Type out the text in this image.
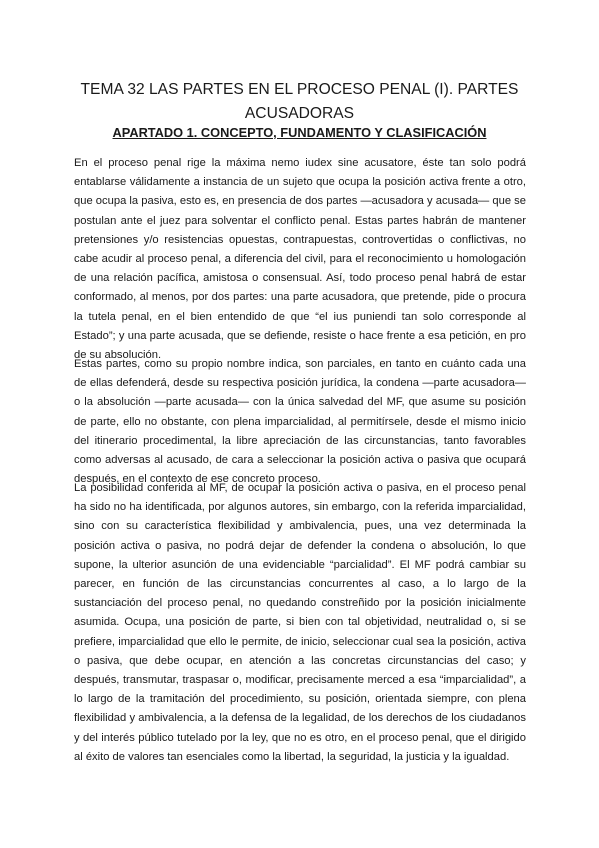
TEMA 32 LAS PARTES EN EL PROCESO PENAL (I). PARTES ACUSADORAS
APARTADO 1. CONCEPTO, FUNDAMENTO Y CLASIFICACIÓN

En el proceso penal rige la máxima nemo iudex sine acusatore, éste tan solo podrá entablarse válidamente a instancia de un sujeto que ocupa la posición activa frente a otro, que ocupa la pasiva, esto es, en presencia de dos partes —acusadora y acusada— que se postulan ante el juez para solventar el conflicto penal. Estas partes habrán de mantener pretensiones y/o resistencias opuestas, contrapuestas, controvertidas o conflictivas, no cabe acudir al proceso penal, a diferencia del civil, para el reconocimiento u homologación de una relación pacífica, amistosa o consensual. Así, todo proceso penal habrá de estar conformado, al menos, por dos partes: una parte acusadora, que pretende, pide o procura la tutela penal, en el bien entendido de que “el ius puniendi tan solo corresponde al Estado”; y una parte acusada, que se defiende, resiste o hace frente a esa petición, en pro de su absolución.

Estas partes, como su propio nombre indica, son parciales, en tanto en cuánto cada una de ellas defenderá, desde su respectiva posición jurídica, la condena —parte acusadora— o la absolución —parte acusada— con la única salvedad del MF, que asume su posición de parte, ello no obstante, con plena imparcialidad, al permitírsele, desde el mismo inicio del itinerario procedimental, la libre apreciación de las circunstancias, tanto favorables como adversas al acusado, de cara a seleccionar la posición activa o pasiva que ocupará después, en el contexto de ese concreto proceso.

La posibilidad conferida al MF, de ocupar la posición activa o pasiva, en el proceso penal ha sido no ha identificada, por algunos autores, sin embargo, con la referida imparcialidad, sino con su característica flexibilidad y ambivalencia, pues, una vez determinada la posición activa o pasiva, no podrá dejar de defender la condena o absolución, lo que supone, la ulterior asunción de una evidenciable “parcialidad”. El MF podrá cambiar su parecer, en función de las circunstancias concurrentes al caso, a lo largo de la sustanciación del proceso penal, no quedando constreñido por la posición inicialmente asumida. Ocupa, una posición de parte, si bien con tal objetividad, neutralidad o, si se prefiere, imparcialidad que ello le permite, de inicio, seleccionar cual sea la posición, activa o pasiva, que debe ocupar, en atención a las concretas circunstancias del caso; y después, transmutar, traspasar o, modificar, precisamente merced a esa “imparcialidad”, a lo largo de la tramitación del procedimiento, su posición, orientada siempre, con plena flexibilidad y ambivalencia, a la defensa de la legalidad, de los derechos de los ciudadanos y del interés público tutelado por la ley, que no es otro, en el proceso penal, que el dirigido al éxito de valores tan esenciales como la libertad, la seguridad, la justicia y la igualdad.
